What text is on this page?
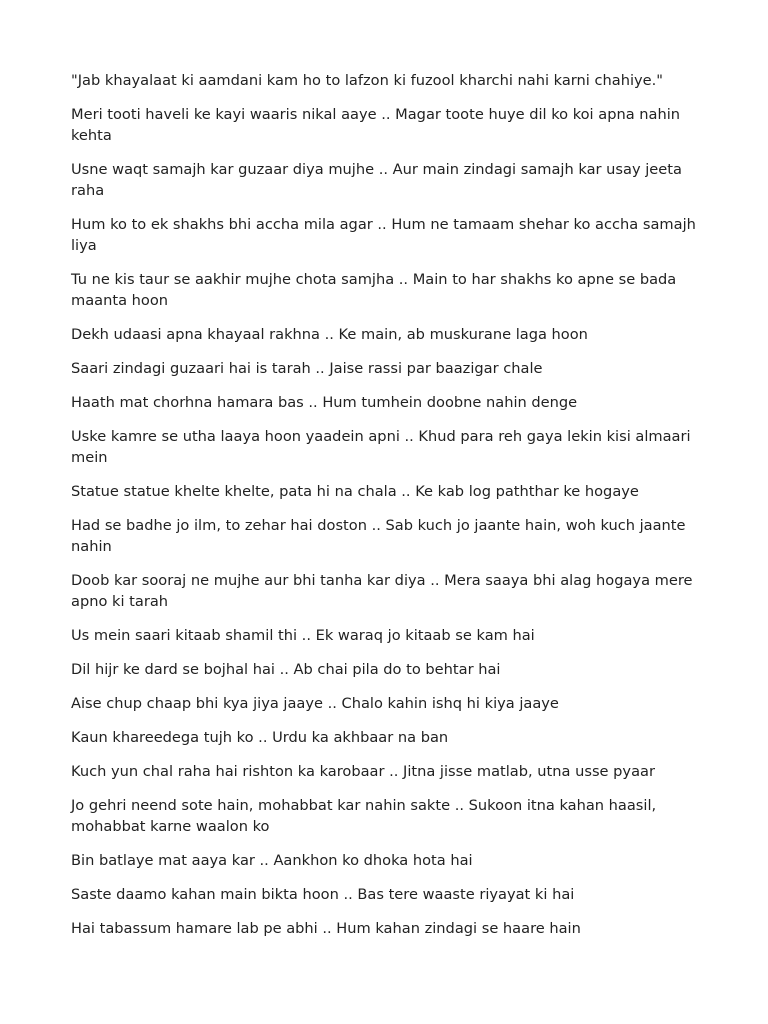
"Jab khayalaat ki aamdani kam ho to lafzon ki fuzool kharchi nahi karni chahiye."

Meri tooti haveli ke kayi waaris nikal aaye .. Magar toote huye dil ko koi apna nahin kehta

Usne waqt samajh kar guzaar diya mujhe .. Aur main zindagi samajh kar usay jeeta raha

Hum ko to ek shakhs bhi accha mila agar .. Hum ne tamaam shehar ko accha samajh liya

Tu ne kis taur se aakhir mujhe chota samjha .. Main to har shakhs ko apne se bada maanta hoon

Dekh udaasi apna khayaal rakhna .. Ke main, ab muskurane laga hoon

Saari zindagi guzaari hai is tarah .. Jaise rassi par baazigar chale

Haath mat chorhna hamara bas .. Hum tumhein doobne nahin denge

Uske kamre se utha laaya hoon yaadein apni .. Khud para reh gaya lekin kisi almaari mein

Statue statue khelte khelte, pata hi na chala .. Ke kab log paththar ke hogaye

Had se badhe jo ilm, to zehar hai doston .. Sab kuch jo jaante hain, woh kuch jaante nahin

Doob kar sooraj ne mujhe aur bhi tanha kar diya .. Mera saaya bhi alag hogaya mere apno ki tarah

Us mein saari kitaab shamil thi .. Ek waraq jo kitaab se kam hai

Dil hijr ke dard se bojhal hai .. Ab chai pila do to behtar hai

Aise chup chaap bhi kya jiya jaaye .. Chalo kahin ishq hi kiya jaaye

Kaun khareedega tujh ko .. Urdu ka akhbaar na ban

Kuch yun chal raha hai rishton ka karobaar .. Jitna jisse matlab, utna usse pyaar

Jo gehri neend sote hain, mohabbat kar nahin sakte .. Sukoon itna kahan haasil, mohabbat karne waalon ko

Bin batlaye mat aaya kar .. Aankhon ko dhoka hota hai

Saste daamo kahan main bikta hoon .. Bas tere waaste riyayat ki hai

Hai tabassum hamare lab pe abhi .. Hum kahan zindagi se haare hain
